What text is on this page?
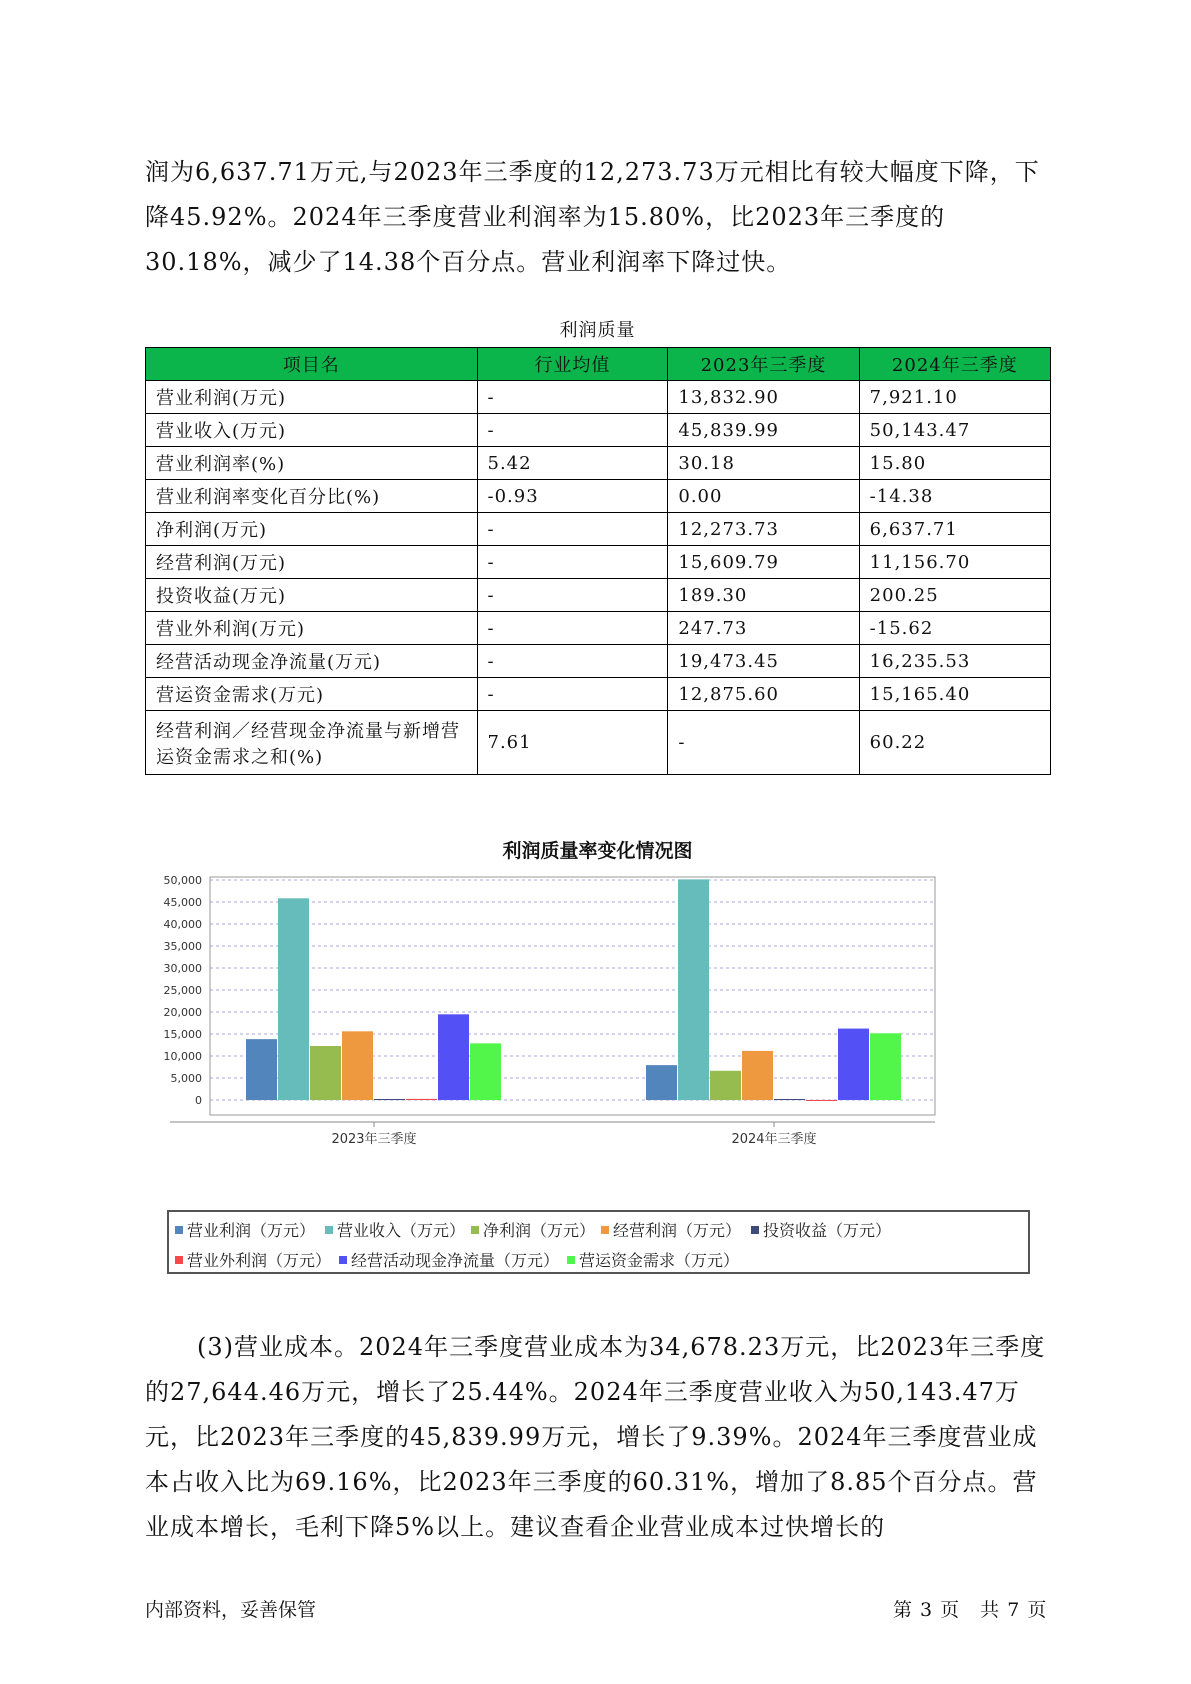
润为6,637.71万元,与2023年三季度的12,273.73万元相比有较大幅度下降，下降45.92%。2024年三季度营业利润率为15.80%，比2023年三季度的30.18%，减少了14.38个百分点。营业利润率下降过快。

利润质量
项目名	行业均值	2023年三季度	2024年三季度
营业利润(万元)	-	13,832.90	7,921.10
营业收入(万元)	-	45,839.99	50,143.47
营业利润率(%)	5.42	30.18	15.80
营业利润率变化百分比(%)	-0.93	0.00	-14.38
净利润(万元)	-	12,273.73	6,637.71
经营利润(万元)	-	15,609.79	11,156.70
投资收益(万元)	-	189.30	200.25
营业外利润(万元)	-	247.73	-15.62
经营活动现金净流量(万元)	-	19,473.45	16,235.53
营运资金需求(万元)	-	12,875.60	15,165.40
经营利润／经营现金净流量与新增营运资金需求之和(%)	7.61	-	60.22
利润质量率变化情况图
0
5,000
10,000
15,000
20,000
25,000
30,000
35,000
40,000
45,000
50,000
2023年三季度	2024年三季度
营业利润（万元）	营业收入（万元）	净利润（万元）	经营利润（万元）	投资收益（万元）
营业外利润（万元）	经营活动现金净流量（万元）	营运资金需求（万元）

(3)营业成本。2024年三季度营业成本为34,678.23万元，比2023年三季度的27,644.46万元，增长了25.44%。2024年三季度营业收入为50,143.47万元，比2023年三季度的45,839.99万元，增长了9.39%。2024年三季度营业成本占收入比为69.16%，比2023年三季度的60.31%，增加了8.85个百分点。营业成本增长，毛利下降5%以上。建议查看企业营业成本过快增长的

内部资料，妥善保管	第 3 页　共 7 页
